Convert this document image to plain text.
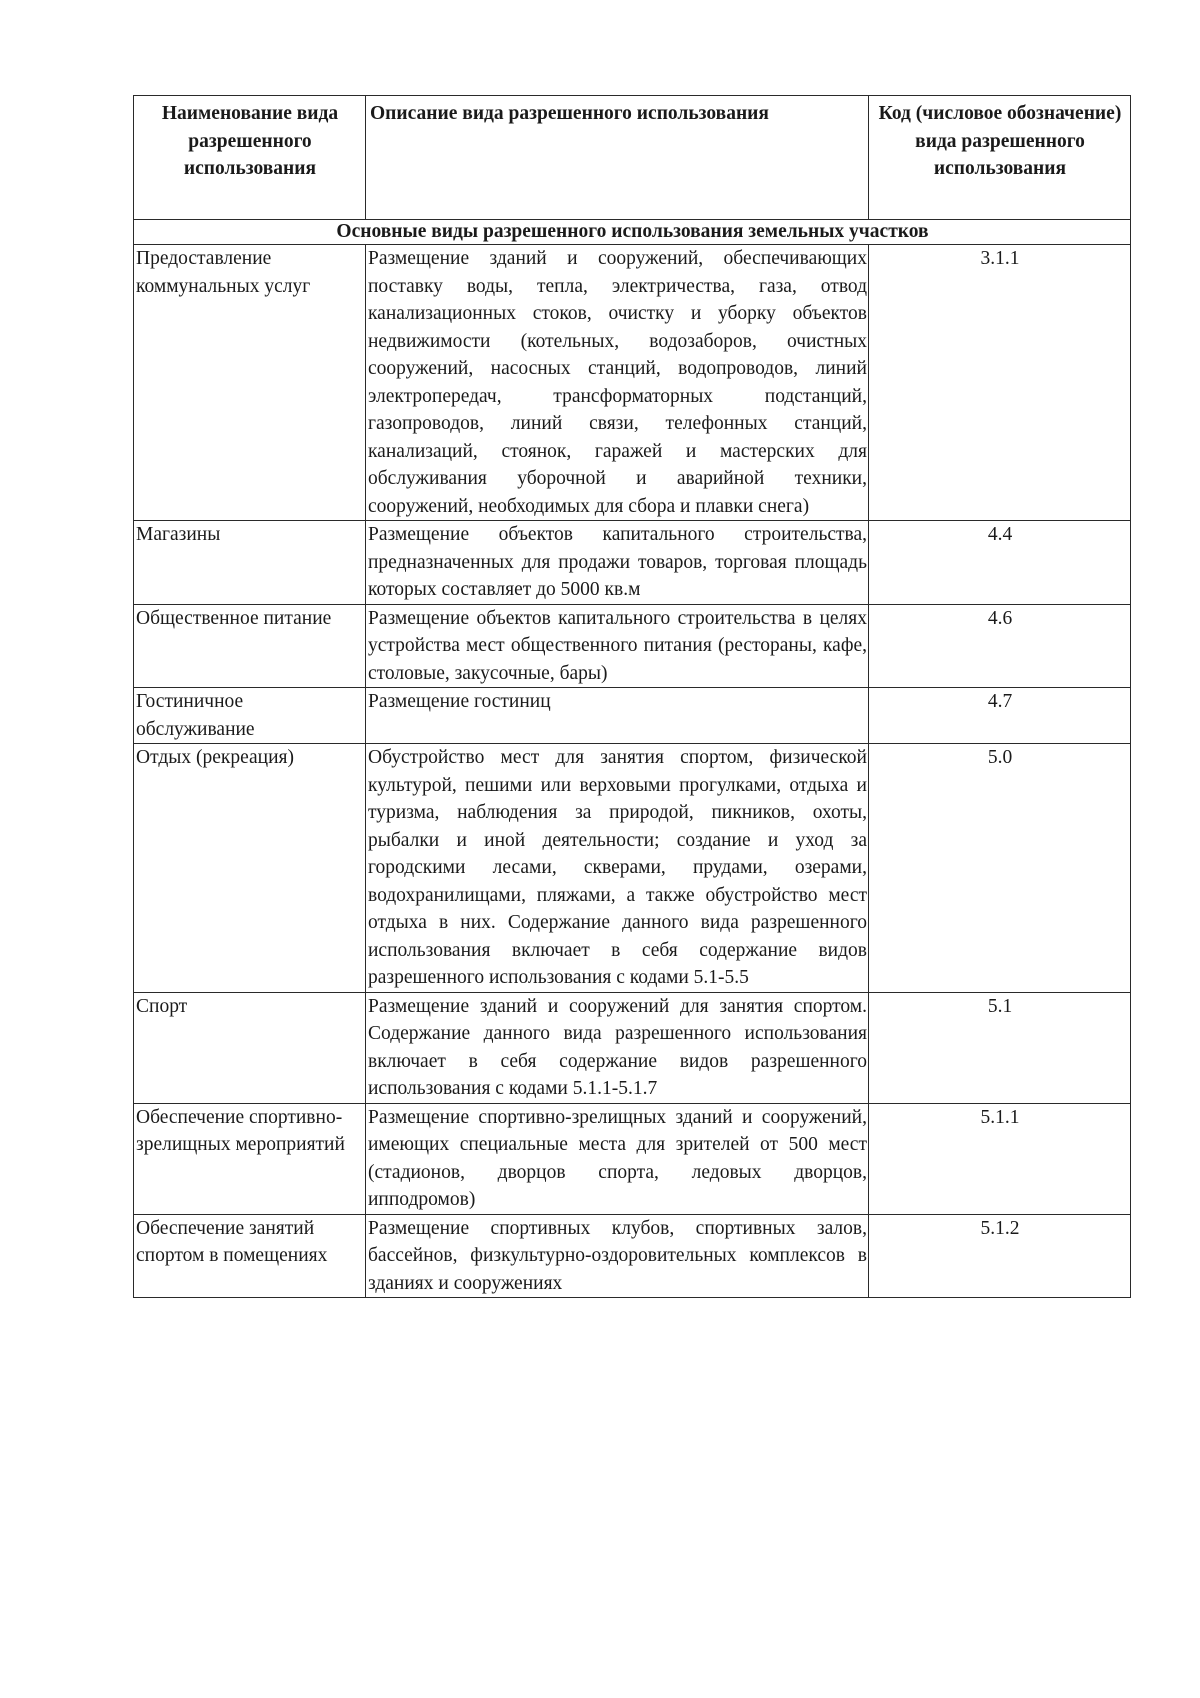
Наименование вида разрешенного использования	Описание вида разрешенного использования	Код (числовое обозначение) вида разрешенного использования
Основные виды разрешенного использования земельных участков		
Предоставление коммунальных услуг	Размещение зданий и сооружений, обеспечивающих поставку воды, тепла, электричества, газа, отвод канализационных стоков, очистку и уборку объектов недвижимости (котельных, водозаборов, очистных сооружений, насосных станций, водопроводов, линий электропередач, трансформаторных подстанций, газопроводов, линий связи, телефонных станций, канализаций, стоянок, гаражей и мастерских для обслуживания уборочной и аварийной техники, сооружений, необходимых для сбора и плавки снега)	3.1.1
Магазины	Размещение объектов капитального строительства, предназначенных для продажи товаров, торговая площадь которых составляет до 5000 кв.м	4.4
Общественное питание	Размещение объектов капитального строительства в целях устройства мест общественного питания (рестораны, кафе, столовые, закусочные, бары)	4.6
Гостиничное обслуживание	Размещение гостиниц	4.7
Отдых (рекреация)	Обустройство мест для занятия спортом, физической культурой, пешими или верховыми прогулками, отдыха и туризма, наблюдения за природой, пикников, охоты, рыбалки и иной деятельности; создание и уход за городскими лесами, скверами, прудами, озерами, водохранилищами, пляжами, а также обустройство мест отдыха в них. Содержание данного вида разрешенного использования включает в себя содержание видов разрешенного использования с кодами 5.1-5.5	5.0
Спорт	Размещение зданий и сооружений для занятия спортом. Содержание данного вида разрешенного использования включает в себя содержание видов разрешенного использования с кодами 5.1.1-5.1.7	5.1
Обеспечение спортивно-зрелищных мероприятий	Размещение спортивно-зрелищных зданий и сооружений, имеющих специальные места для зрителей от 500 мест (стадионов, дворцов спорта, ледовых дворцов, ипподромов)	5.1.1
Обеспечение занятий спортом в помещениях	Размещение спортивных клубов, спортивных залов, бассейнов, физкультурно-оздоровительных комплексов в зданиях и сооружениях	5.1.2
